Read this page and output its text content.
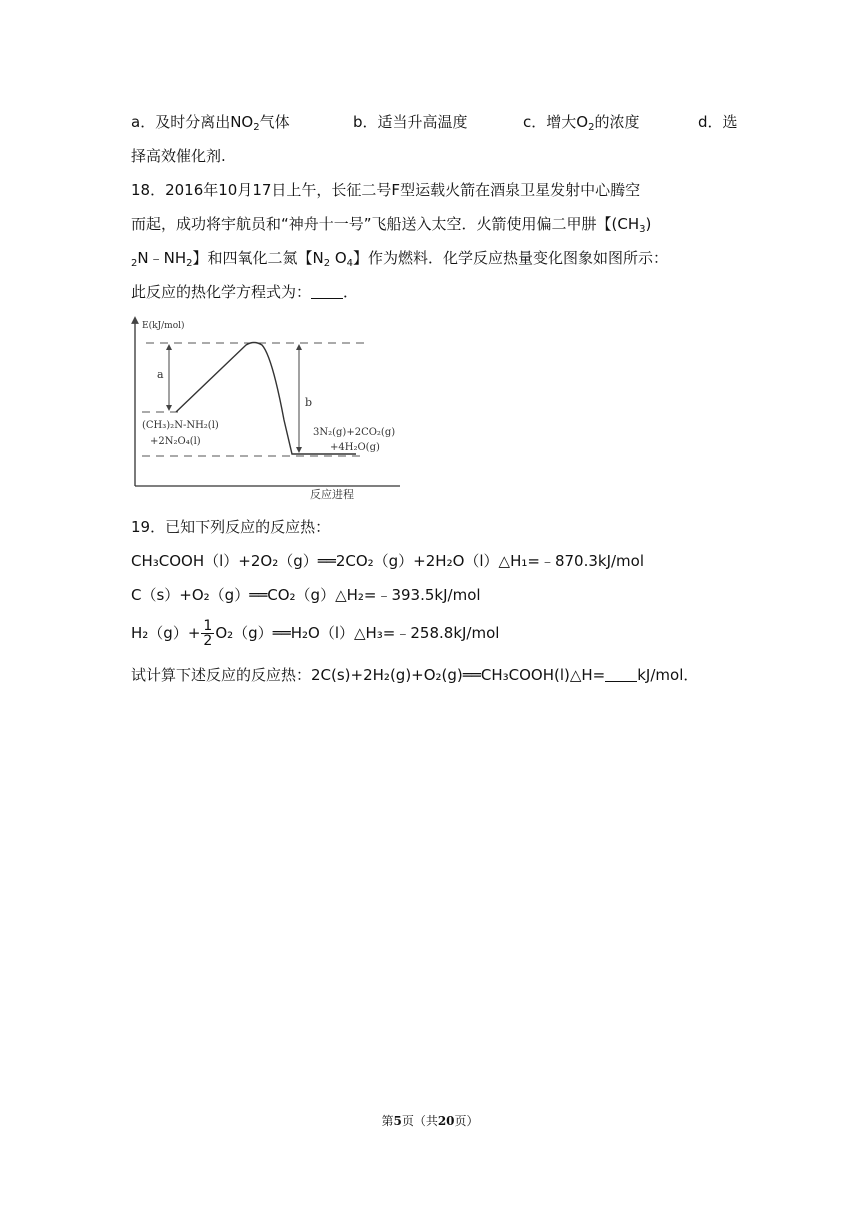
a．及时分离出$NO_2$气体	b．适当升高温度	c．增大$O_2$的浓度	d．选
择高效催化剂.
18．2016年10月17日上午，长征二号F型运载火箭在酒泉卫星发射中心腾空
而起，成功将宇航员和“神舟十一号”飞船送入太空．火箭使用偏二甲肼【$(CH_3)$
$_2N﹣NH_2$】和四氧化二氮【$N_2$ $O_4$】作为燃料．化学反应热量变化图象如图所示：
此反应的热化学方程式为： ．
E(kJ/mol)
反应进程
a
b
(CH₃)₂N-NH₂(l)
+2N₂O₄(l)
3N₂(g)+2CO₂(g)
+4H₂O(g)
19．已知下列反应的反应热：
CH₃COOH（l）+2O₂（g）══2CO₂（g）+2H₂O（l）△H₁=﹣870.3kJ/mol
C（s）+O₂（g）══CO₂（g）△H₂=﹣393.5kJ/mol
$H_2(g)+ \frac{1}{2}$ O₂（g）══H₂O（l）△H₃=﹣258.8kJ/mol
试计算下述反应的反应热：2C(s)+2H₂(g)+O₂(g)══CH₃COOH(l)△H= kJ/mol．
第5页（共20页）
